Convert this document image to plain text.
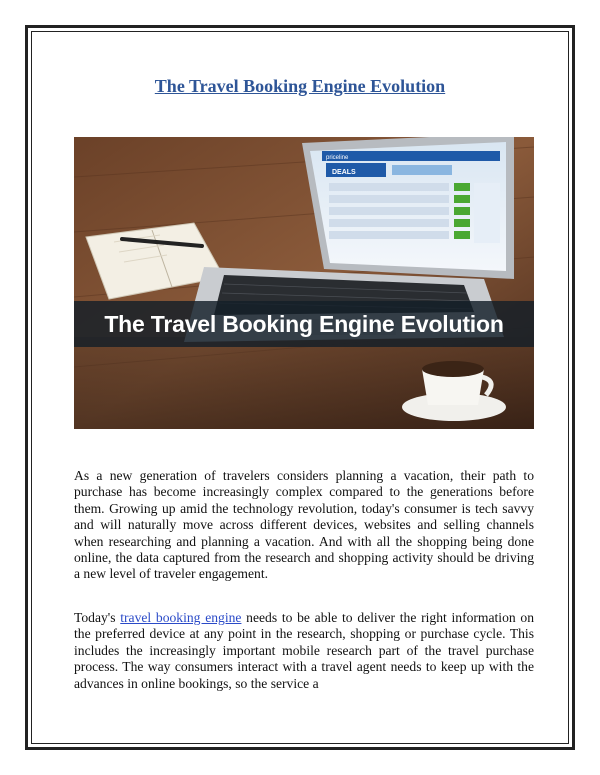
The Travel Booking Engine Evolution
DEALS
priceline
The Travel Booking Engine Evolution

As a new generation of travelers considers planning a vacation, their path to purchase has become increasingly complex compared to the generations before them. Growing up amid the technology revolution, today's consumer is tech savvy and will naturally move across different devices, websites and selling channels when researching and planning a vacation. And with all the shopping being done online, the data captured from the research and shopping activity should be driving a new level of traveler engagement.

Today's travel booking engine needs to be able to deliver the right information on the preferred device at any point in the research, shopping or purchase cycle. This includes the increasingly important mobile research part of the travel purchase process. The way consumers interact with a travel agent needs to keep up with the advances in online bookings, so the service a
